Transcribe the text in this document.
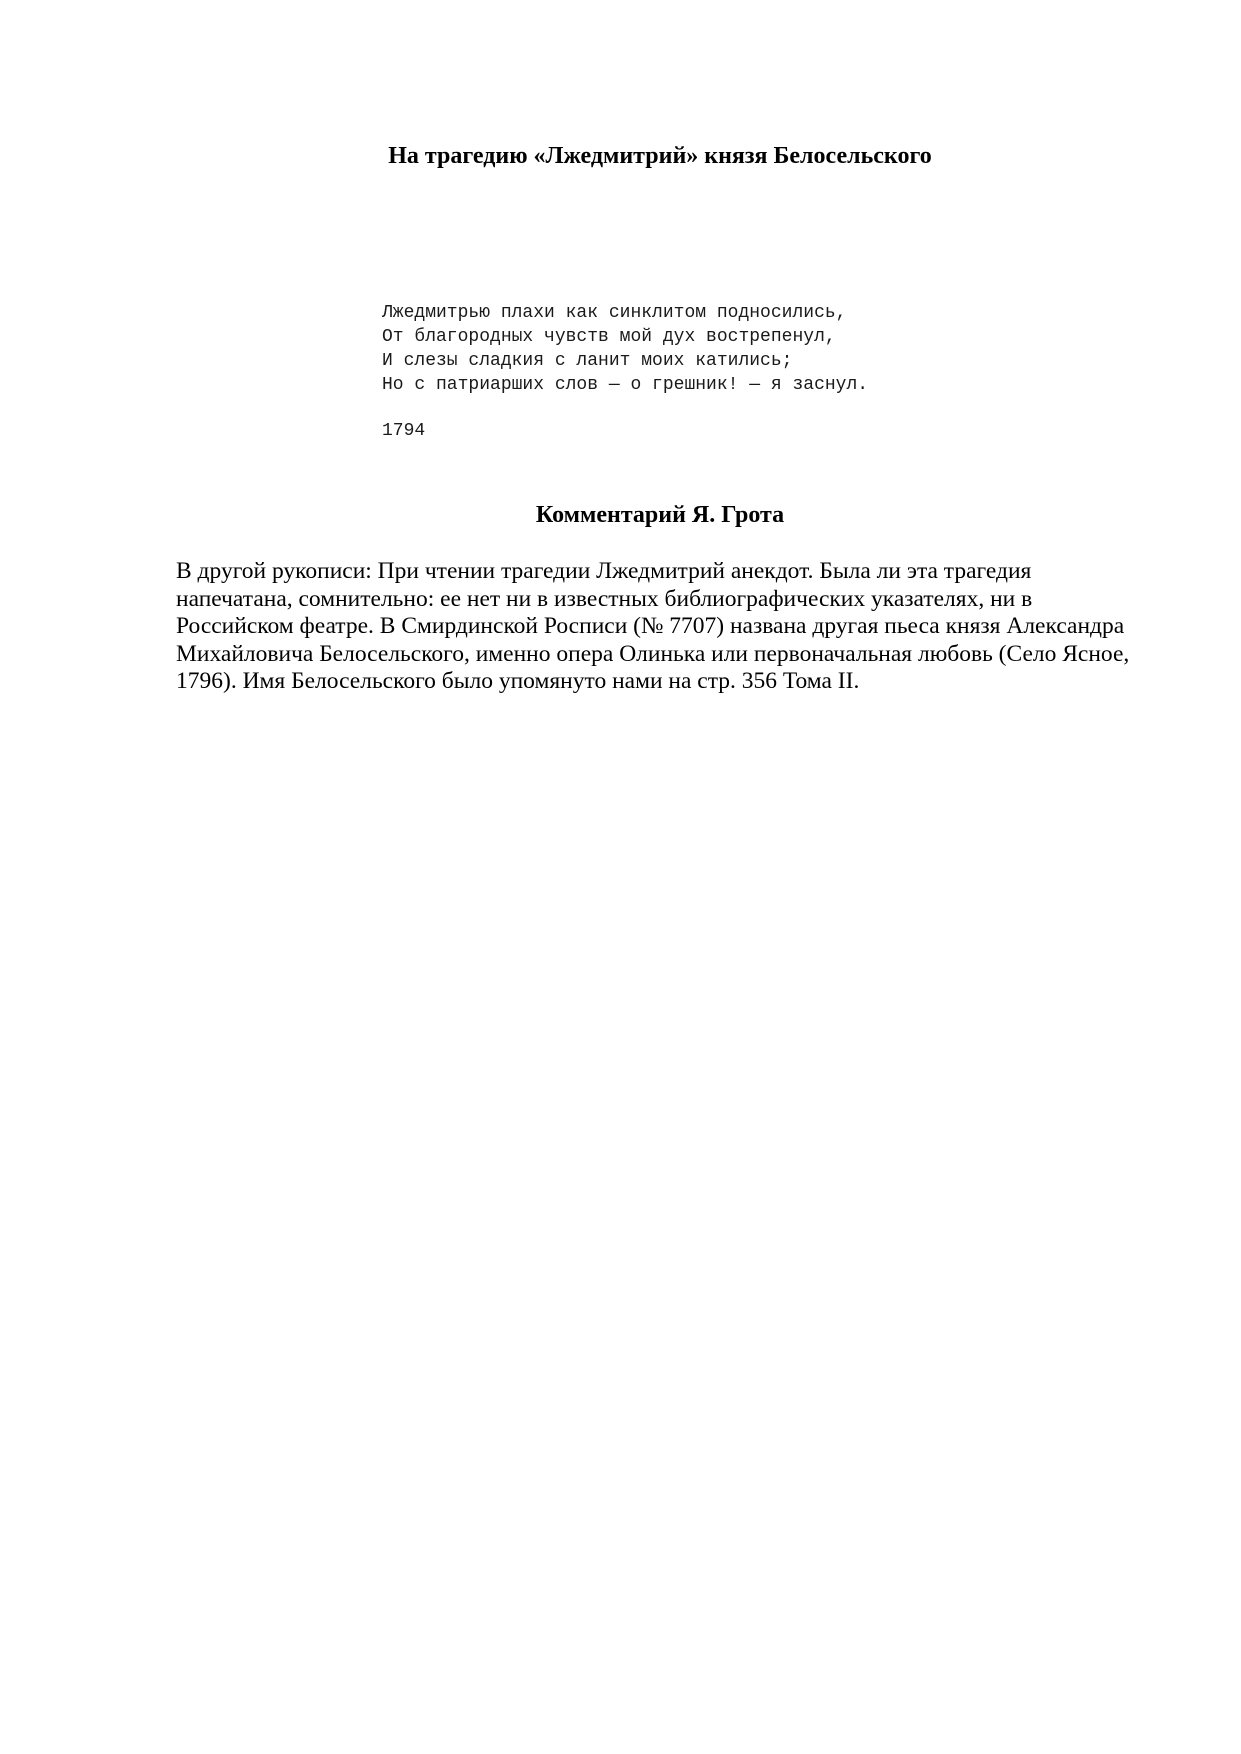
На трагедию «Лжедмитрий» князя Белосельского
Лжедмитрью плахи как синклитом подносились,
От благородных чувств мой дух вострепенул,
И слезы сладкия с ланит моих катились;
Но с патриарших слов — о грешник! — я заснул.
1794
Комментарий Я. Грота

В другой рукописи: При чтении трагедии Лжедмитрий анекдот. Была ли эта трагедия напечатана, сомнительно: ее нет ни в известных библиографических указателях, ни в Российском феатре. В Смирдинской Росписи (№ 7707) названа другая пьеса князя Александра Михайловича Белосельского, именно опера Олинька или первоначальная любовь (Село Ясное, 1796). Имя Белосельского было упомянуто нами на стр. 356 Тома II.
